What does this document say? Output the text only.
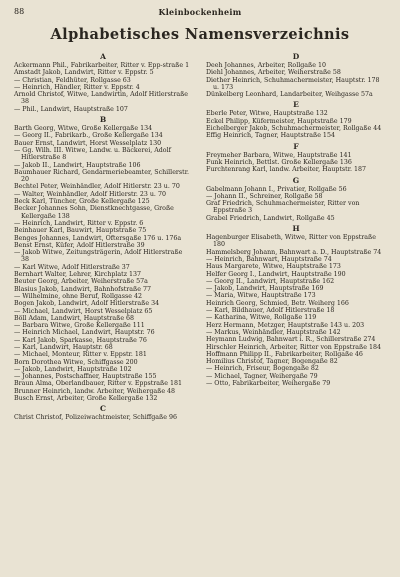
88	Kleinbockenheim
Alphabetisches Namensverzeichnis
A
Ackermann Phil., Fabrikarbeiter, Ritter v. Epp-straße 1
Amstadt Jakob, Landwirt, Ritter v. Eppstr. 5
— Christian, Feldhüter, Rollgasse 63
— Heinrich, Händler, Ritter v. Eppstr. 4
Arnold Christof, Witwe, Landwirtin, Adolf Hitlerstraße 38
— Phil., Landwirt, Hauptstraße 107
B
Barth Georg, Witwe, Große Kellergaße 134
— Georg II., Fabrikarb., Große Kellergaße 134
Bauer Ernst, Landwirt, Horst Wesselplatz 130
— Gg. Wilh. III. Witwe, Landw. u. Bäckerei, Adolf Hitlerstraße 8
— Jakob II., Landwirt, Hauptstraße 106
Baumhauer Richard, Gendarmeriebeamter, Schillerstr. 20
Bechtel Peter, Weinhändler, Adolf Hitlerstr. 23 u. 70
— Walter, Weinhändler, Adolf Hitlerstr. 23 u. 70
Beck Karl, Tüncher, Große Kellergaße 125
Becker Johannes Sohn, Dienstknechtgasse, Große Kellergaße 138
— Heinrich, Landwirt, Ritter v. Eppstr. 6
Beinhauer Karl, Bauwirt, Hauptstraße 75
Benges Johannes, Landwirt, Oftersgaße 176 u. 176a
Benst Ernst, Küfer, Adolf Hitlerstraße 39
— Jakob Witwe, Zeitungsträgerin, Adolf Hitlerstraße 38
— Karl Witwe, Adolf Hitlerstraße 37
Bernhart Walter, Lehrer, Kirchplatz 137
Beuter Georg, Arbeiter, Weiherstraße 57a
Blasius Jakob, Landwirt, Bahnhofstraße 77
— Wilhelmine, ohne Beruf, Rollgasse 42
Bogen Jakob, Landwirt, Adolf Hitlerstraße 34
— Michael, Landwirt, Horst Wesselplatz 65
Böll Adam, Landwirt, Hauptstraße 68
— Barbara Witwe, Große Kellergaße 111
— Heinrich Michael, Landwirt, Hauptstr. 76
— Karl Jakob, Sparkasse, Hauptstraße 76
— Karl, Landwirt, Hauptstr. 68
— Michael, Monteur, Ritter v. Eppstr. 181
Born Dorothea Witwe, Schiffgasse 200
— Jakob, Landwirt, Hauptstraße 102
— Johannes, Postschaffner, Hauptstraße 155
Braun Alma, Oberlandbauer, Ritter v. Eppstraße 181
Brunner Heinrich, landw. Arbeiter, Weihergaße 48
Busch Ernst, Arbeiter, Große Kellergaße 132
C
Christ Christof, Polizeiwachtmeister, Schiffgaße 96
D
Deeh Johannes, Arbeiter, Rollgaße 10
Diehl Johannes, Arbeiter, Weiherstraße 58
Diether Heinrich, Schuhmachermeister, Hauptstr. 178 u. 173
Dünkelberg Leonhard, Landarbeiter, Weihgasse 57a
E
Eberle Peter, Witwe, Hauptstraße 132
Eckel Philipp, Küfermeister, Hauptstraße 179
Eichelberger Jakob, Schuhmachermeister, Rollgaße 44
Effig Heinrich, Tagner, Hauptstraße 154
F
Freymeher Barbara, Witwe, Hauptstraße 141
Funk Heinrich, Bettlst. Große Kellergaße 136
Furchtenrang Karl, landw. Arbeiter, Hauptstr. 187
G
Gabelmann Johann I., Privatier, Rollgaße 56
— Johann II., Schreiner, Rollgaße 58
Graf Friedrich, Schuhmachermeister, Ritter von Eppstraße 3
Grabel Friedrich, Landwirt, Rollgaße 45
H
Hagenburger Elisabeth, Witwe, Ritter von Eppstraße 180
Hammelsberg Johann, Bahnwart a. D., Hauptstraße 74
— Heinrich, Bahnwart, Hauptstraße 74
Haus Margarete, Witwe, Hauptstraße 173
Helfer Georg I., Landwirt, Hauptstraße 190
— Georg II., Landwirt, Hauptstraße 162
— Jakob, Landwirt, Hauptstraße 169
— Maria, Witwe, Hauptstraße 173
Heinrich Georg, Schmied, Betr. Weiherg 166
— Karl, Bildhauer, Adolf Hitlerstraße 18
— Katharina, Witwe, Rollgaße 119
Herz Hermann, Metzger, Hauptstraße 143 u. 203
— Markus, Weinhändler, Hauptstraße 142
Heymann Ludwig, Bahnwart i. R., Schillerstraße 274
Hirschler Heinrich, Arbeiter, Ritter von Eppstraße 184
Hoffmann Philipp II., Fabrikarbeiter, Rollgaße 46
Homilius Christof, Tagner, Bogengaße 82
— Heinrich, Friseur, Bogengaße 82
— Michael, Tagner, Weihergaße 79
— Otto, Fabrikarbeiter, Weihergaße 79
